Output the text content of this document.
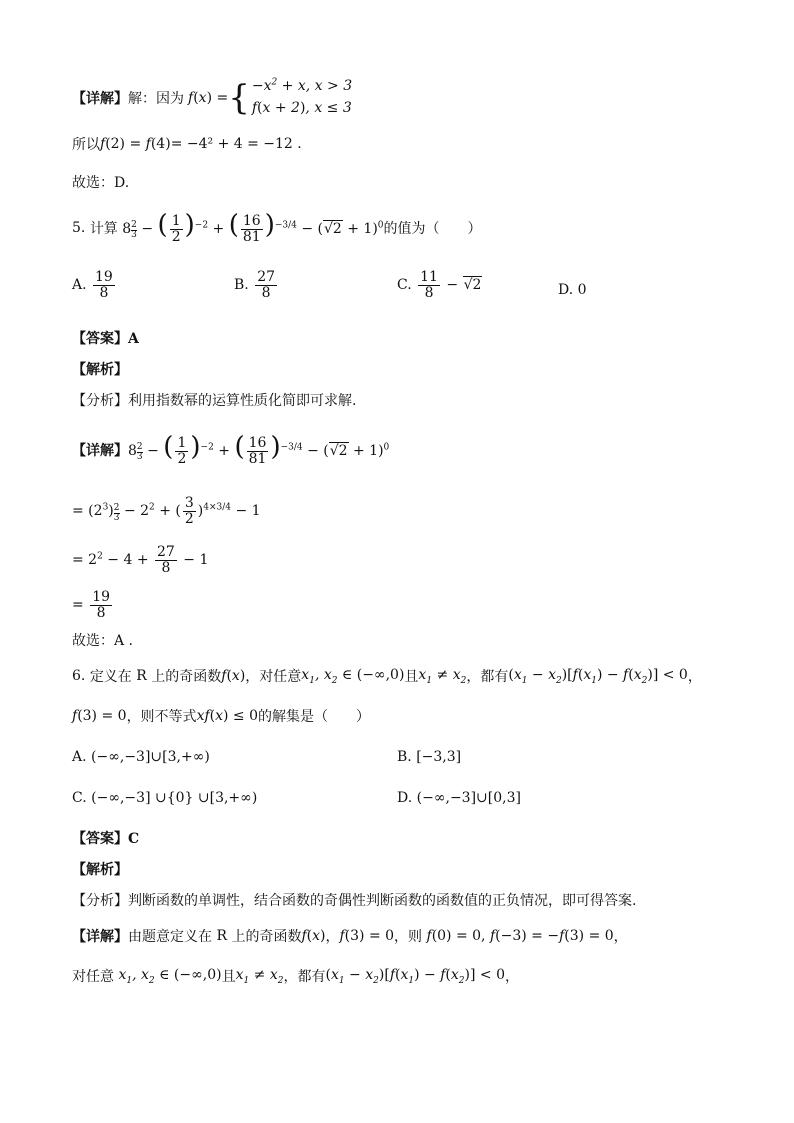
【详解】 解：因为 f(x) = { $-x^2 + x$, x > 3
f(x + 2), x ≤ 3
所以 f(2) = f(4) = −4² + 4 = −12 .
故选：D.
5.
计算 $8 \frac{2}{3}$ − ( $\frac{1}{2} )^{-2}$ + ( $\frac{16}{81} )^{-3/4} - (√2 + 1)^0$ 的值为（　　）
A.
$\frac{19}{8}$	B.
$\frac{27}{8}$	C.
$\frac{11}{8} - √2$	D.
0
【答案】A
【解析】
【分析】利用指数幂的运算性质化简即可求解.
【详解】 $8 \frac{2}{3}$ − ( $\frac{1}{2} )^{-2}$ + ( $\frac{16}{81} )^{-3/4} - (√2 + 1)^0$
= $(2^3) \frac{2}{3} - 2^2$ + ( $\frac{3}{2} )^{4\times 3/4} - 1$
= $2^2 - 4 + \frac{27}{8} - 1$
= $\frac{19}{8}$
故选：A .
6.
定义在 R 上的奇函数 f(x) ，对任意 $x_1$, $x_2$ ∈ (−∞,0) 且 $x_1 \ne x_2$ ，都有 $(x_1 - x_2)[f(x_1) - f(x_2)] < 0$ ，
f(3) = 0 ，则不等式 xf(x) ≤ 0 的解集是（　　）
A.
(−∞,−3]∪[3,+∞)	B.
[−3,3]
C.
(−∞,−3] ∪{0} ∪[3,+∞)	D.
(−∞,−3]∪[0,3]
【答案】C
【解析】
【分析】判断函数的单调性，结合函数的奇偶性判断函数的函数值的正负情况，即可得答案.
【详解】 由题意定义在 R 上的奇函数 f(x) ， f(3) = 0 ，则 f(0) = 0, f(−3) = −f(3) = 0 ，
对任意 $x_1$, $x_2$ ∈ (−∞,0) 且 $x_1 \ne x_2$ ，都有 $(x_1 - x_2)[f(x_1) - f(x_2)] < 0$ ，
